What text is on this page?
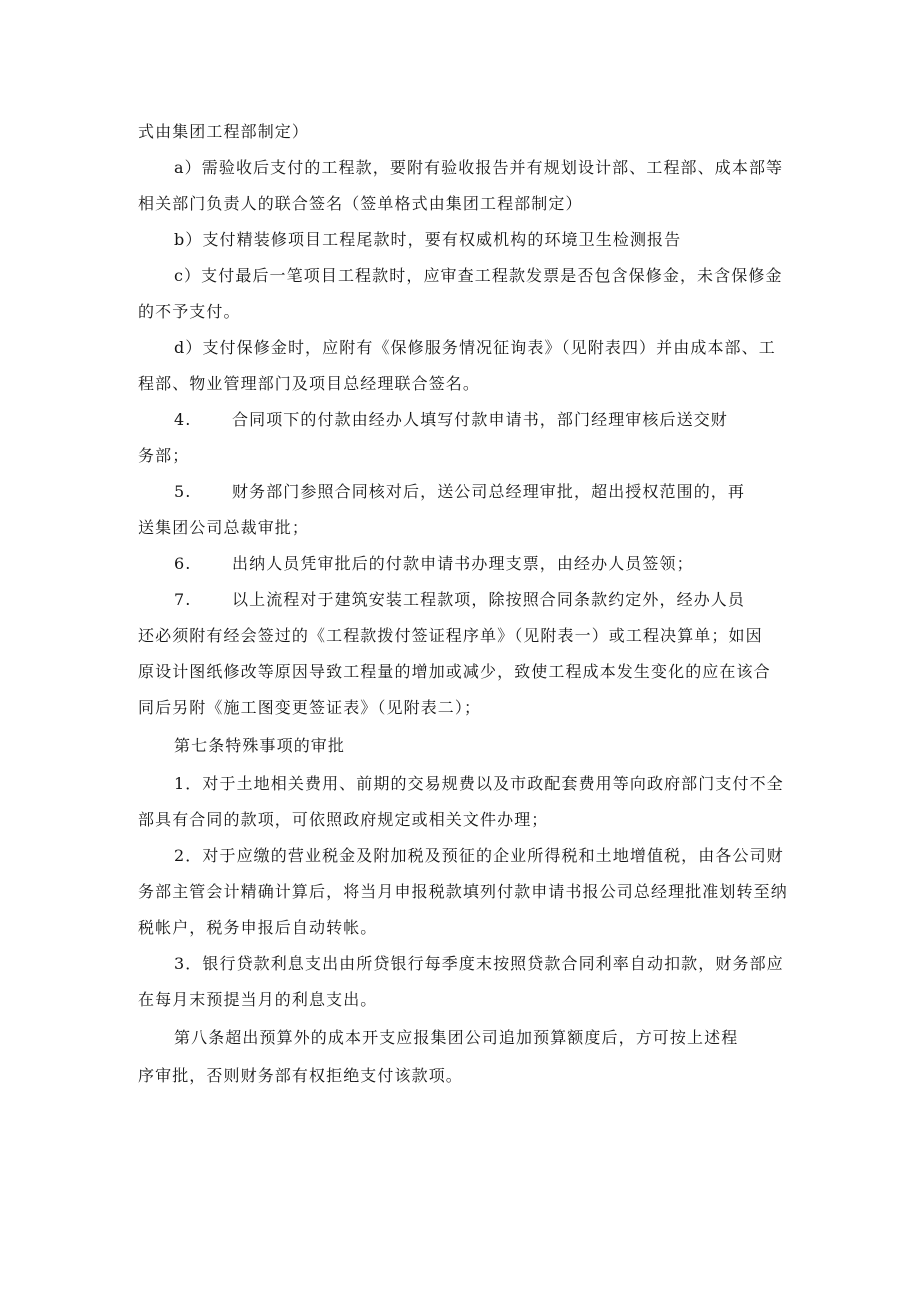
式由集团工程部制定）
a）需验收后支付的工程款，要附有验收报告并有规划设计部、工程部、成本部等
相关部门负责人的联合签名（签单格式由集团工程部制定）
b）支付精装修项目工程尾款时，要有权威机构的环境卫生检测报告
c）支付最后一笔项目工程款时，应审查工程款发票是否包含保修金，未含保修金
的不予支付。
d）支付保修金时，应附有《保修服务情况征询表》（见附表四）并由成本部、工
程部、物业管理部门及项目总经理联合签名。
4.	合同项下的付款由经办人填写付款申请书，部门经理审核后送交财
务部；
5.	财务部门参照合同核对后，送公司总经理审批，超出授权范围的，再
送集团公司总裁审批；
6.	出纳人员凭审批后的付款申请书办理支票，由经办人员签领；
7.	以上流程对于建筑安装工程款项，除按照合同条款约定外，经办人员
还必须附有经会签过的《工程款拨付签证程序单》（见附表一）或工程决算单；如因
原设计图纸修改等原因导致工程量的增加或减少，致使工程成本发生变化的应在该合
同后另附《施工图变更签证表》（见附表二）；
第七条特殊事项的审批
1．对于土地相关费用、前期的交易规费以及市政配套费用等向政府部门支付不全
部具有合同的款项，可依照政府规定或相关文件办理；
2．对于应缴的营业税金及附加税及预征的企业所得税和土地增值税，由各公司财
务部主管会计精确计算后，将当月申报税款填列付款申请书报公司总经理批准划转至纳
税帐户，税务申报后自动转帐。
3．银行贷款利息支出由所贷银行每季度末按照贷款合同利率自动扣款，财务部应
在每月末预提当月的利息支出。
第八条超出预算外的成本开支应报集团公司追加预算额度后，方可按上述程
序审批，否则财务部有权拒绝支付该款项。
